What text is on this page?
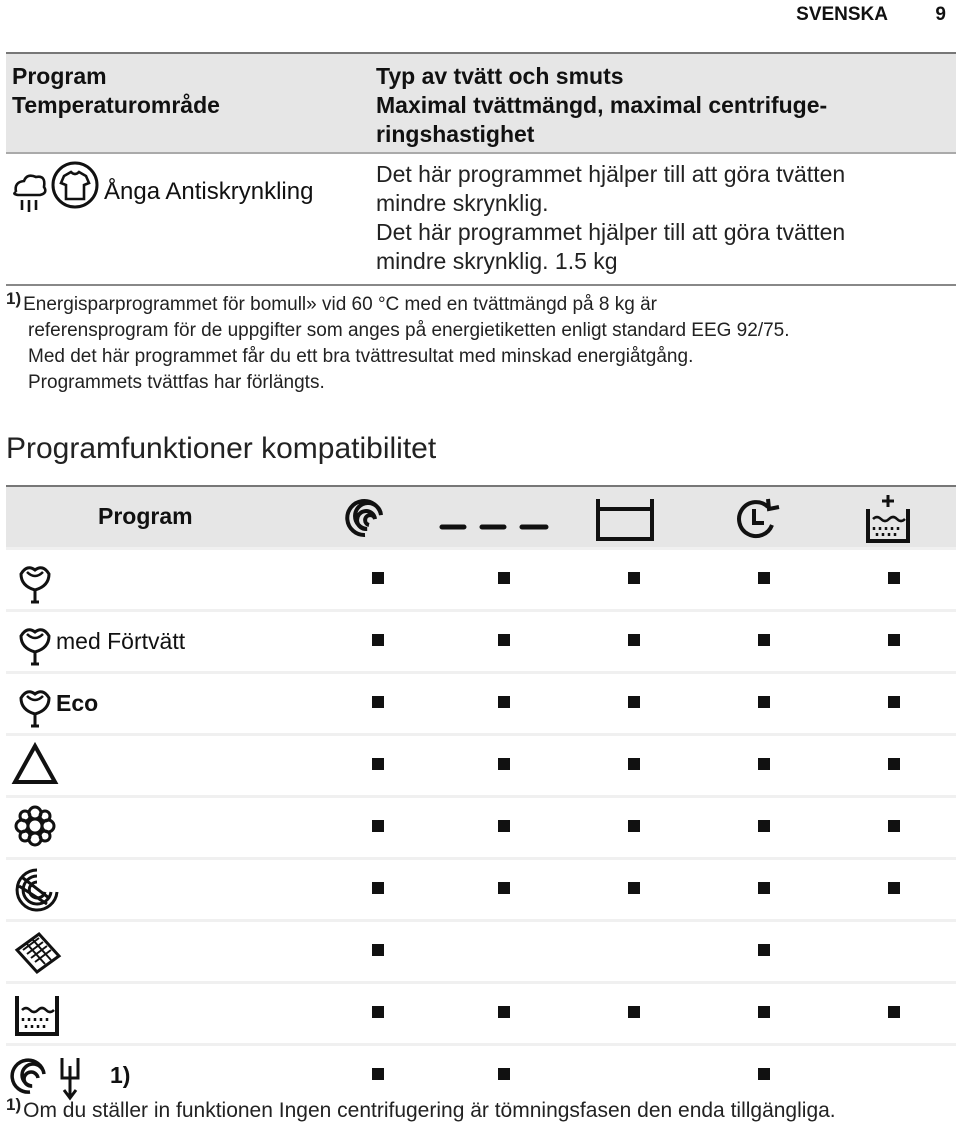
SVENSKA 9
Program
Temperaturområde
Typ av tvätt och smuts
Maximal tvättmängd, maximal centrifuge-
ringshastighet
Ånga Antiskrynkling
Det här programmet hjälper till att göra tvätten
mindre skrynklig.
Det här programmet hjälper till att göra tvätten
mindre skrynklig. 1.5 kg
$^{1)}$ Energisparprogrammet för bomull» vid 60 °C med en tvättmängd på 8 kg är
referensprogram för de uppgifter som anges på energietiketten enligt standard EEG 92/75.
Med det här programmet får du ett bra tvättresultat med minskad energiåtgång.
Programmets tvättfas har förlängts.
Programfunktioner kompatibilitet
Program
med Förtvätt
Eco
1)
$^{1)}$Om du ställer in funktionen Ingen centrifugering är tömningsfasen den enda tillgängliga.
